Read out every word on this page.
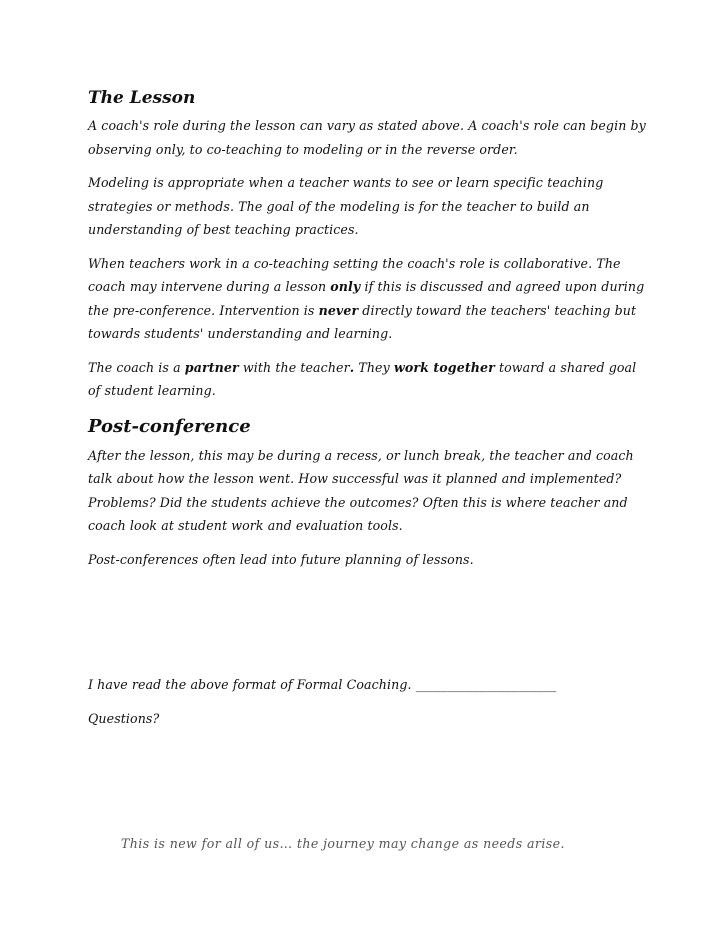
The Lesson

A coach's role during the lesson can vary as stated above. A coach's role can begin by observing only, to co-teaching to modeling or in the reverse order.

Modeling is appropriate when a teacher wants to see or learn specific teaching strategies or methods. The goal of the modeling is for the teacher to build an understanding of best teaching practices.

When teachers work in a co-teaching setting the coach's role is collaborative. The coach may intervene during a lesson only if this is discussed and agreed upon during the pre-conference. Intervention is never directly toward the teachers' teaching but towards students' understanding and learning.

The coach is a partner with the teacher. They work together toward a shared goal of student learning.

Post-conference

After the lesson, this may be during a recess, or lunch break, the teacher and coach talk about how the lesson went. How successful was it planned and implemented? Problems? Did the students achieve the outcomes? Often this is where teacher and coach look at student work and evaluation tools.

Post-conferences often lead into future planning of lessons.

I have read the above format of Formal Coaching. ______________________

Questions?

This is new for all of us… the journey may change as needs arise.
